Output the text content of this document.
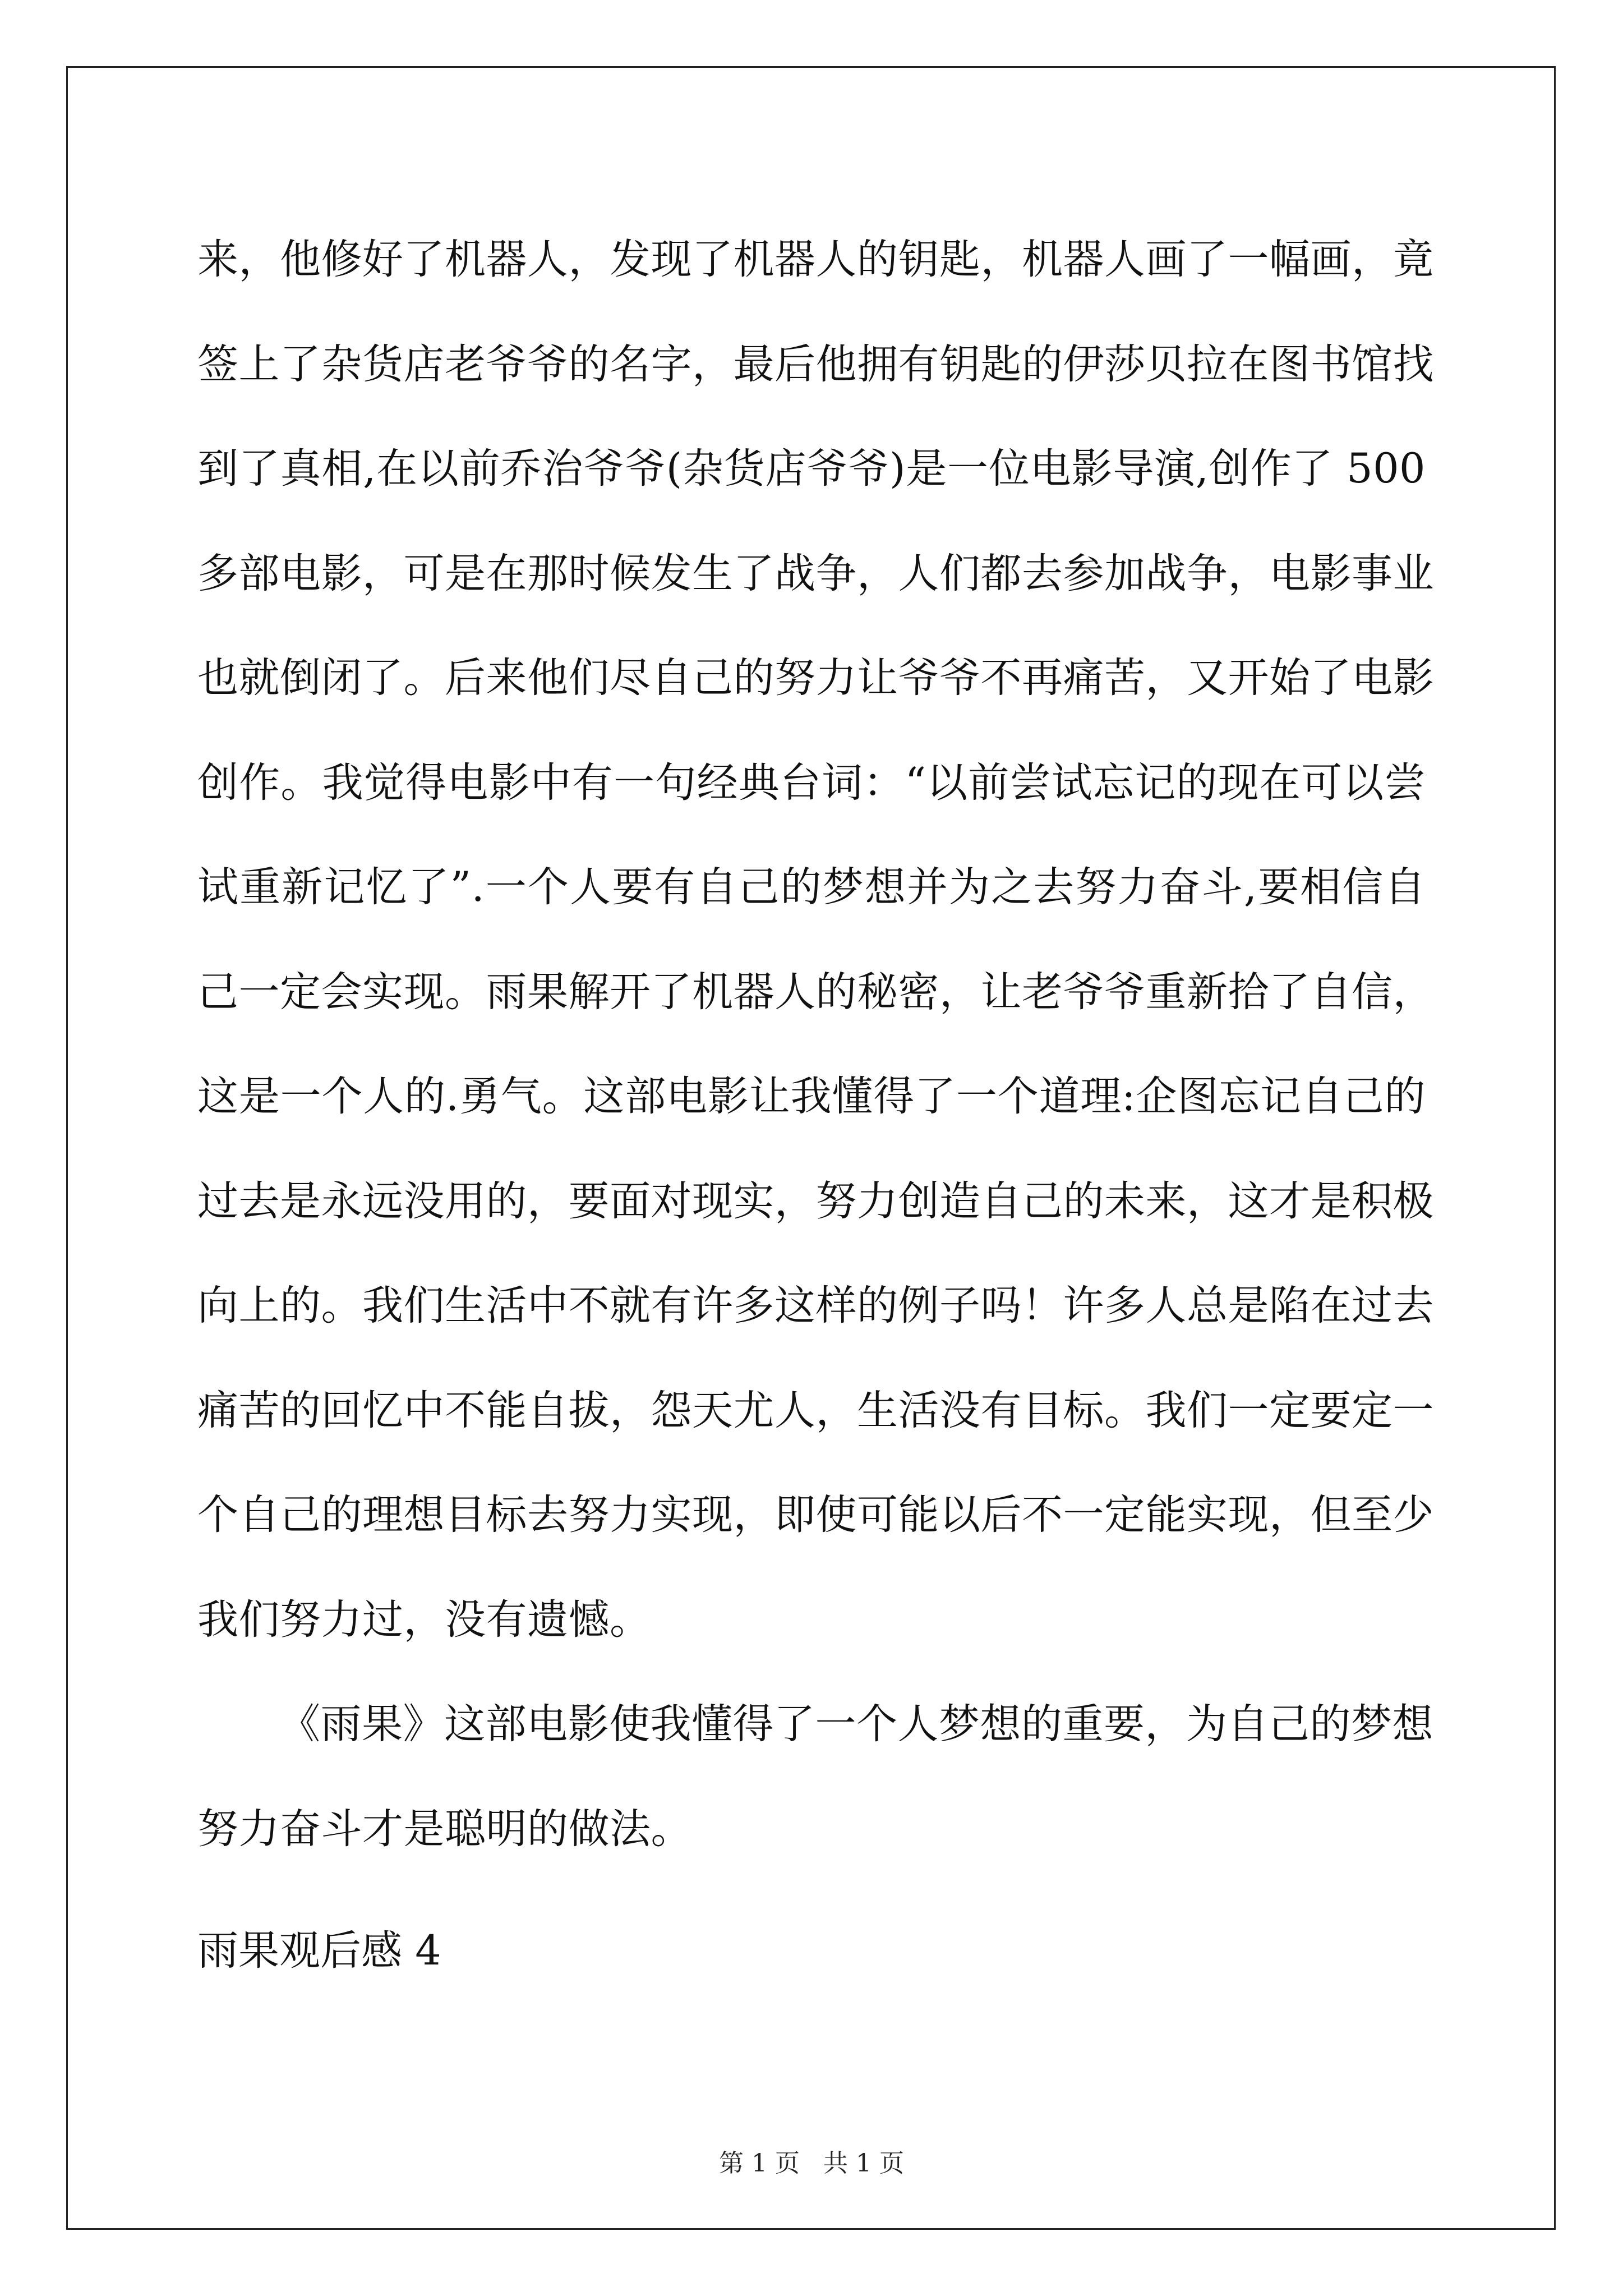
来，他修好了机器人，发现了机器人的钥匙，机器人画了一幅画，竟
签上了杂货店老爷爷的名字，最后他拥有钥匙的伊莎贝拉在图书馆找
到了真相,在以前乔治爷爷(杂货店爷爷)是一位电影导演,创作了 500
多部电影，可是在那时候发生了战争，人们都去参加战争，电影事业
也就倒闭了。后来他们尽自己的努力让爷爷不再痛苦，又开始了电影
创作。我觉得电影中有一句经典台词：“以前尝试忘记的现在可以尝
试重新记忆了”.一个人要有自己的梦想并为之去努力奋斗,要相信自
己一定会实现。雨果解开了机器人的秘密，让老爷爷重新拾了自信，
这是一个人的.勇气。这部电影让我懂得了一个道理:企图忘记自己的
过去是永远没用的，要面对现实，努力创造自己的未来，这才是积极
向上的。我们生活中不就有许多这样的例子吗！许多人总是陷在过去
痛苦的回忆中不能自拔，怨天尤人，生活没有目标。我们一定要定一
个自己的理想目标去努力实现，即使可能以后不一定能实现，但至少
我们努力过，没有遗憾。
《雨果》这部电影使我懂得了一个人梦想的重要，为自己的梦想
努力奋斗才是聪明的做法。
雨果观后感 4
第 1 页   共 1 页
